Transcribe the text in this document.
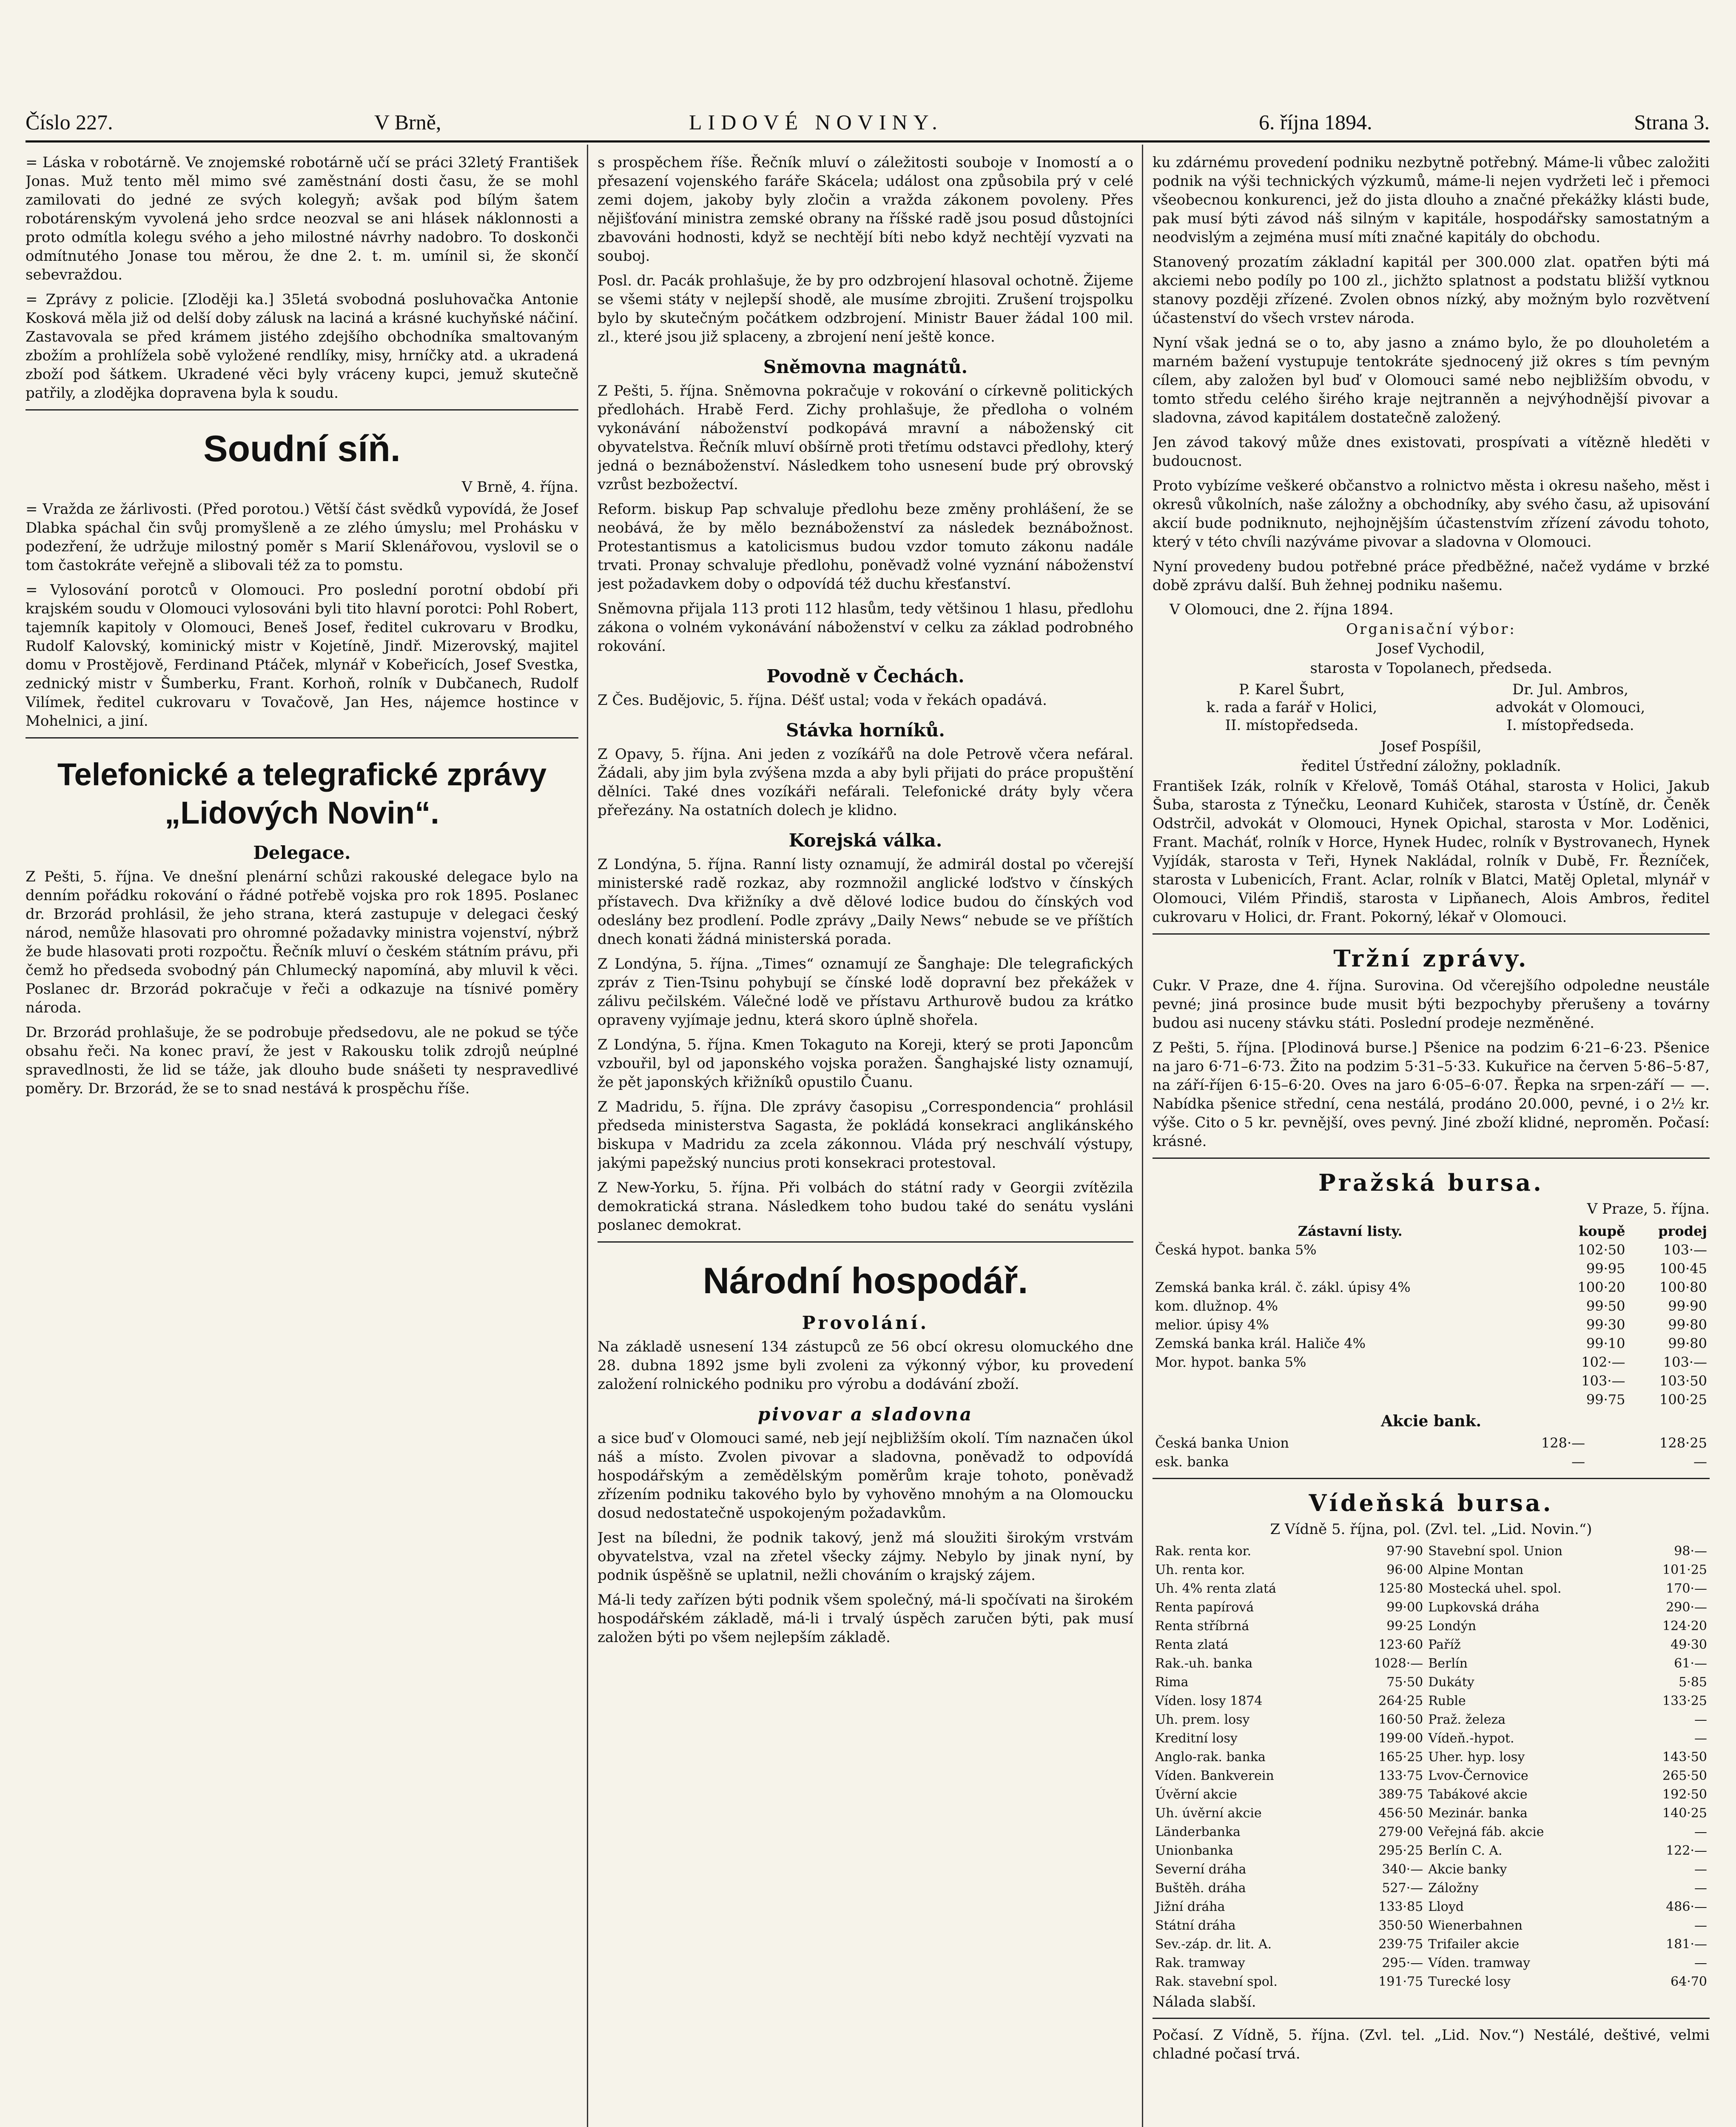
Číslo 227.	V Brně,	LIDOVÉ NOVINY.	6. října 1894.	Strana 3.

= Láska v robotárně. Ve znojemské robotárně učí se práci 32letý František Jonas. Muž tento měl mimo své zaměstnání dosti času, že se mohl zamilovati do jedné ze svých kolegyň; avšak pod bílým šatem robotárenským vyvolená jeho srdce neozval se ani hlásek náklonnosti a proto odmítla kolegu svého a jeho milostné návrhy nadobro. To doskonči odmítnutého Jonase tou měrou, že dne 2. t. m. umínil si, že skončí sebevraždou.

= Zprávy z policie. [Zloději ka.] 35letá svobodná posluhovačka Antonie Kosková měla již od delší doby zálusk na laciná a krásné kuchyňské náčiní. Zastavovala se před krámem jistého zdejšího obchodníka smaltovaným zbožím a prohlížela sobě vyložené rendlíky, misy, hrníčky atd. a ukradená zboží pod šátkem. Ukradené věci byly vráceny kupci, jemuž skutečně patřily, a zlodějka dopravena byla k soudu.

Soudní síň.
V Brně, 4. října.

= Vražda ze žárlivosti. (Před porotou.) Větší část svědků vypovídá, že Josef Dlabka spáchal čin svůj promyšleně a ze zlého úmyslu; mel Prohásku v podezření, že udržuje milostný poměr s Marií Sklenářovou, vyslovil se o tom častokráte veřejně a slibovali též za to pomstu.

= Vylosování porotců v Olomouci. Pro poslední porotní období při krajském soudu v Olomouci vylosováni byli tito hlavní porotci: Pohl Robert, tajemník kapitoly v Olomouci, Beneš Josef, ředitel cukrovaru v Brodku, Rudolf Kalovský, kominický mistr v Kojetíně, Jindř. Mizerovský, majitel domu v Prostějově, Ferdinand Ptáček, mlynář v Kobeřicích, Josef Svestka, zednický mistr v Šumberku, Frant. Korhoň, rolník v Dubčanech, Rudolf Vilímek, ředitel cukrovaru v Tovačově, Jan Hes, nájemce hostince v Mohelnici, a jiní.

Telefonické a telegrafické zprávy „Lidových Novin“.
Delegace.

Z Pešti, 5. října. Ve dnešní plenární schůzi rakouské delegace bylo na denním pořádku rokování o řádné potřebě vojska pro rok 1895. Poslanec dr. Brzorád prohlásil, že jeho strana, která zastupuje v delegaci český národ, nemůže hlasovati pro ohromné požadavky ministra vojenství, nýbrž že bude hlasovati proti rozpočtu. Řečník mluví o českém státním právu, při čemž ho předseda svobodný pán Chlumecký napomíná, aby mluvil k věci. Poslanec dr. Brzorád pokračuje v řeči a odkazuje na tísnivé poměry národa.

Dr. Brzorád prohlašuje, že se podrobuje předsedovu, ale ne pokud se týče obsahu řeči. Na konec praví, že jest v Rakousku tolik zdrojů neúplné spravedlnosti, že lid se táže, jak dlouho bude snášeti ty nespravedlivé poměry. Dr. Brzorád, že se to snad nestává k prospěchu říše.

s prospěchem říše. Řečník mluví o záležitosti souboje v Inomostí a o přesazení vojenského faráře Skácela; událost ona způsobila prý v celé zemi dojem, jakoby byly zločin a vražda zákonem povoleny. Přes nějišťování ministra zemské obrany na říšské radě jsou posud důstojníci zbavováni hodnosti, když se nechtějí bíti nebo když nechtějí vyzvati na souboj.

Posl. dr. Pacák prohlašuje, že by pro odzbrojení hlasoval ochotně. Žijeme se všemi státy v nejlepší shodě, ale musíme zbrojiti. Zrušení trojspolku bylo by skutečným počátkem odzbrojení. Ministr Bauer žádal 100 mil. zl., které jsou již splaceny, a zbrojení není ještě konce.

Sněmovna magnátů.

Z Pešti, 5. října. Sněmovna pokračuje v rokování o církevně politických předlohách. Hrabě Ferd. Zichy prohlašuje, že předloha o volném vykonávání náboženství podkopává mravní a náboženský cit obyvatelstva. Řečník mluví obšírně proti třetímu odstavci předlohy, který jedná o beznáboženství. Následkem toho usnesení bude prý obrovský vzrůst bezbožectví.

Reform. biskup Pap schvaluje předlohu beze změny prohlášení, že se neobává, že by mělo beznáboženství za následek beznábožnost. Protestantismus a katolicismus budou vzdor tomuto zákonu nadále trvati. Pronay schvaluje předlohu, poněvadž volné vyznání náboženství jest požadavkem doby o odpovídá též duchu křesťanství.

Sněmovna přijala 113 proti 112 hlasům, tedy většinou 1 hlasu, předlohu zákona o volném vykonávání náboženství v celku za základ podrobného rokování.

Povodně v Čechách.

Z Čes. Budějovic, 5. října. Déšť ustal; voda v řekách opadává.

Stávka horníků.

Z Opavy, 5. října. Ani jeden z vozíkářů na dole Petrově včera nefáral. Žádali, aby jim byla zvýšena mzda a aby byli přijati do práce propuštění dělníci. Také dnes vozíkáři nefárali. Telefonické dráty byly včera přeřezány. Na ostatních dolech je klidno.

Korejská válka.

Z Londýna, 5. října. Ranní listy oznamují, že admirál dostal po včerejší ministerské radě rozkaz, aby rozmnožil anglické loďstvo v čínských přístavech. Dva křižníky a dvě dělové lodice budou do čínských vod odeslány bez prodlení. Podle zprávy „Daily News“ nebude se ve příštích dnech konati žádná ministerská porada.

Z Londýna, 5. října. „Times“ oznamují ze Šanghaje: Dle telegrafických zpráv z Tien-Tsinu pohybují se čínské lodě dopravní bez překážek v zálivu pečilském. Válečné lodě ve přístavu Arthurově budou za krátko opraveny vyjímaje jednu, která skoro úplně shořela.

Z Londýna, 5. října. Kmen Tokaguto na Koreji, který se proti Japoncům vzbouřil, byl od japonského vojska poražen. Šanghajské listy oznamují, že pět japonských křižníků opustilo Čuanu.

Z Madridu, 5. října. Dle zprávy časopisu „Correspondencia“ prohlásil předseda ministerstva Sagasta, že pokládá konsekraci anglikánského biskupa v Madridu za zcela zákonnou. Vláda prý neschválí výstupy, jakými papežský nuncius proti konsekraci protestoval.

Z New-Yorku, 5. října. Při volbách do státní rady v Georgii zvítězila demokratická strana. Následkem toho budou také do senátu vysláni poslanec demokrat.

Národní hospodář.
Provolání.

Na základě usnesení 134 zástupců ze 56 obcí okresu olomuckého dne 28. dubna 1892 jsme byli zvoleni za výkonný výbor, ku provedení založení rolnického podniku pro výrobu a dodávání zboží.

pivovar a sladovna

a sice buď v Olomouci samé, neb její nejbližším okolí. Tím naznačen úkol náš a místo. Zvolen pivovar a sladovna, poněvadž to odpovídá hospodářským a zemědělským poměrům kraje tohoto, poněvadž zřízením podniku takového bylo by vyhověno mnohým a na Olomoucku dosud nedostatečně uspokojeným požadavkům.

Jest na bíledni, že podnik takový, jenž má sloužiti širokým vrstvám obyvatelstva, vzal na zřetel všecky zájmy. Nebylo by jinak nyní, by podnik úspěšně se uplatnil, nežli chováním o krajský zájem.

Má-li tedy zařízen býti podnik všem společný, má-li spočívati na širokém hospodářském základě, má-li i trvalý úspěch zaručen býti, pak musí založen býti po všem nejlepším základě.

ku zdárnému provedení podniku nezbytně potřebný. Máme-li vůbec založiti podnik na výši technických výzkumů, máme-li nejen vydržeti leč i přemoci všeobecnou konkurenci, jež do jista dlouho a značné překážky klásti bude, pak musí býti závod náš silným v kapitále, hospodářsky samostatným a neodvislým a zejména musí míti značné kapitály do obchodu.

Stanovený prozatím základní kapitál per 300.000 zlat. opatřen býti má akciemi nebo podíly po 100 zl., jichžto splatnost a podstatu bližší vytknou stanovy později zřízené. Zvolen obnos nízký, aby možným bylo rozvětvení účastenství do všech vrstev národa.

Nyní však jedná se o to, aby jasno a známo bylo, že po dlouholetém a marném bažení vystupuje tentokráte sjednocený již okres s tím pevným cílem, aby založen byl buď v Olomouci samé nebo nejbližším obvodu, v tomto středu celého širého kraje nejtranněn a nejvýhodnější pivovar a sladovna, závod kapitálem dostatečně založený.

Jen závod takový může dnes existovati, prospívati a vítězně hleděti v budoucnost.

Proto vybízíme veškeré občanstvo a rolnictvo města i okresu našeho, měst i okresů vůkolních, naše záložny a obchodníky, aby svého času, až upisování akcií bude podniknuto, nejhojnějším účastenstvím zřízení závodu tohoto, který v této chvíli nazýváme pivovar a sladovna v Olomouci.

Nyní provedeny budou potřebné práce předběžné, načež vydáme v brzké době zprávu další. Buh žehnej podniku našemu.

V Olomouci, dne 2. října 1894.
Organisační výbor:
Josef Vychodil,
starosta v Topolanech, předseda.
P. Karel Šubrt,
k. rada a farář v Holici,
II. místopředseda.
Dr. Jul. Ambros,
advokát v Olomouci,
I. místopředseda.
Josef Pospíšil,
ředitel Ústřední záložny, pokladník.

František Izák, rolník v Křelově, Tomáš Otáhal, starosta v Holici, Jakub Šuba, starosta z Týnečku, Leonard Kuhiček, starosta v Ústíně, dr. Čeněk Odstrčil, advokát v Olomouci, Hynek Opichal, starosta v Mor. Loděnici, Frant. Macháť, rolník v Horce, Hynek Hudec, rolník v Bystrovanech, Hynek Vyjídák, starosta v Teři, Hynek Nakládal, rolník v Dubě, Fr. Řezníček, starosta v Lubenicích, Frant. Aclar, rolník v Blatci, Matěj Opletal, mlynář v Olomouci, Vilém Přindiš, starosta v Lipňanech, Alois Ambros, ředitel cukrovaru v Holici, dr. Frant. Pokorný, lékař v Olomouci.

Tržní zprávy.

Cukr. V Praze, dne 4. října. Surovina. Od včerejšího odpoledne neustále pevné; jiná prosince bude musit býti bezpochyby přerušeny a továrny budou asi nuceny stávku státi. Poslední prodeje nezměněné.

Z Pešti, 5. října. [Plodinová burse.] Pšenice na podzim 6·21–6·23. Pšenice na jaro 6·71–6·73. Žito na podzim 5·31–5·33. Kukuřice na červen 5·86–5·87, na září-říjen 6·15–6·20. Oves na jaro 6·05–6·07. Řepka na srpen-září — —. Nabídka pšenice střední, cena nestálá, prodáno 20.000, pevné, i o 2½ kr. výše. Cito o 5 kr. pevnější, oves pevný. Jiné zboží klidné, neproměn. Počasí: krásné.

Pražská bursa.
V Praze, 5. října.
Zástavní listy.	koupě	prodej
Česká hypot. banka 5%	102·50	103·—
	99·95	100·45
Zemská banka král. č. zákl. úpisy 4%	100·20	100·80
kom. dlužnop. 4%	99·50	99·90
melior. úpisy 4%	99·30	99·80
Zemská banka král. Haliče 4%	99·10	99·80
Mor. hypot. banka 5%	102·—	103·—
	103·—	103·50
	99·75	100·25
Akcie bank.
Česká banka Union	128·—	128·25
esk. banka	—	—
Vídeňská bursa.
Z Vídně 5. října, pol. (Zvl. tel. „Lid. Novin.“)
Rak. renta kor.	97·90	Stavební spol. Union	98·—
Uh. renta kor.	96·00	Alpine Montan	101·25
Uh. 4% renta zlatá	125·80	Mostecká uhel. spol.	170·—
Renta papírová	99·00	Lupkovská dráha	290·—
Renta stříbrná	99·25	Londýn	124·20
Renta zlatá	123·60	Paříž	49·30
Rak.-uh. banka	1028·—	Berlín	61·—
Rima	75·50	Dukáty	5·85
Víden. losy 1874	264·25	Ruble	133·25
Uh. prem. losy	160·50	Praž. železa	—
Kreditní losy	199·00	Vídeň.-hypot.	—
Anglo-rak. banka	165·25	Uher. hyp. losy	143·50
Víden. Bankverein	133·75	Lvov-Černovice	265·50
Úvěrní akcie	389·75	Tabákové akcie	192·50
Uh. úvěrní akcie	456·50	Mezinár. banka	140·25
Länderbanka	279·00	Veřejná fáb. akcie	—
Unionbanka	295·25	Berlín C. A.	122·—
Severní dráha	340·—	Akcie banky	—
Buštěh. dráha	527·—	Záložny	—
Jižní dráha	133·85	Lloyd	486·—
Státní dráha	350·50	Wienerbahnen	—
Sev.-záp. dr. lit. A.	239·75	Trifailer akcie	181·—
Rak. tramway	295·—	Víden. tramway	—
Rak. stavební spol.	191·75	Turecké losy	64·70
Nálada slabší.

Počasí. Z Vídně, 5. října. (Zvl. tel. „Lid. Nov.“) Nestálé, deštivé, velmi chladné počasí trvá.
